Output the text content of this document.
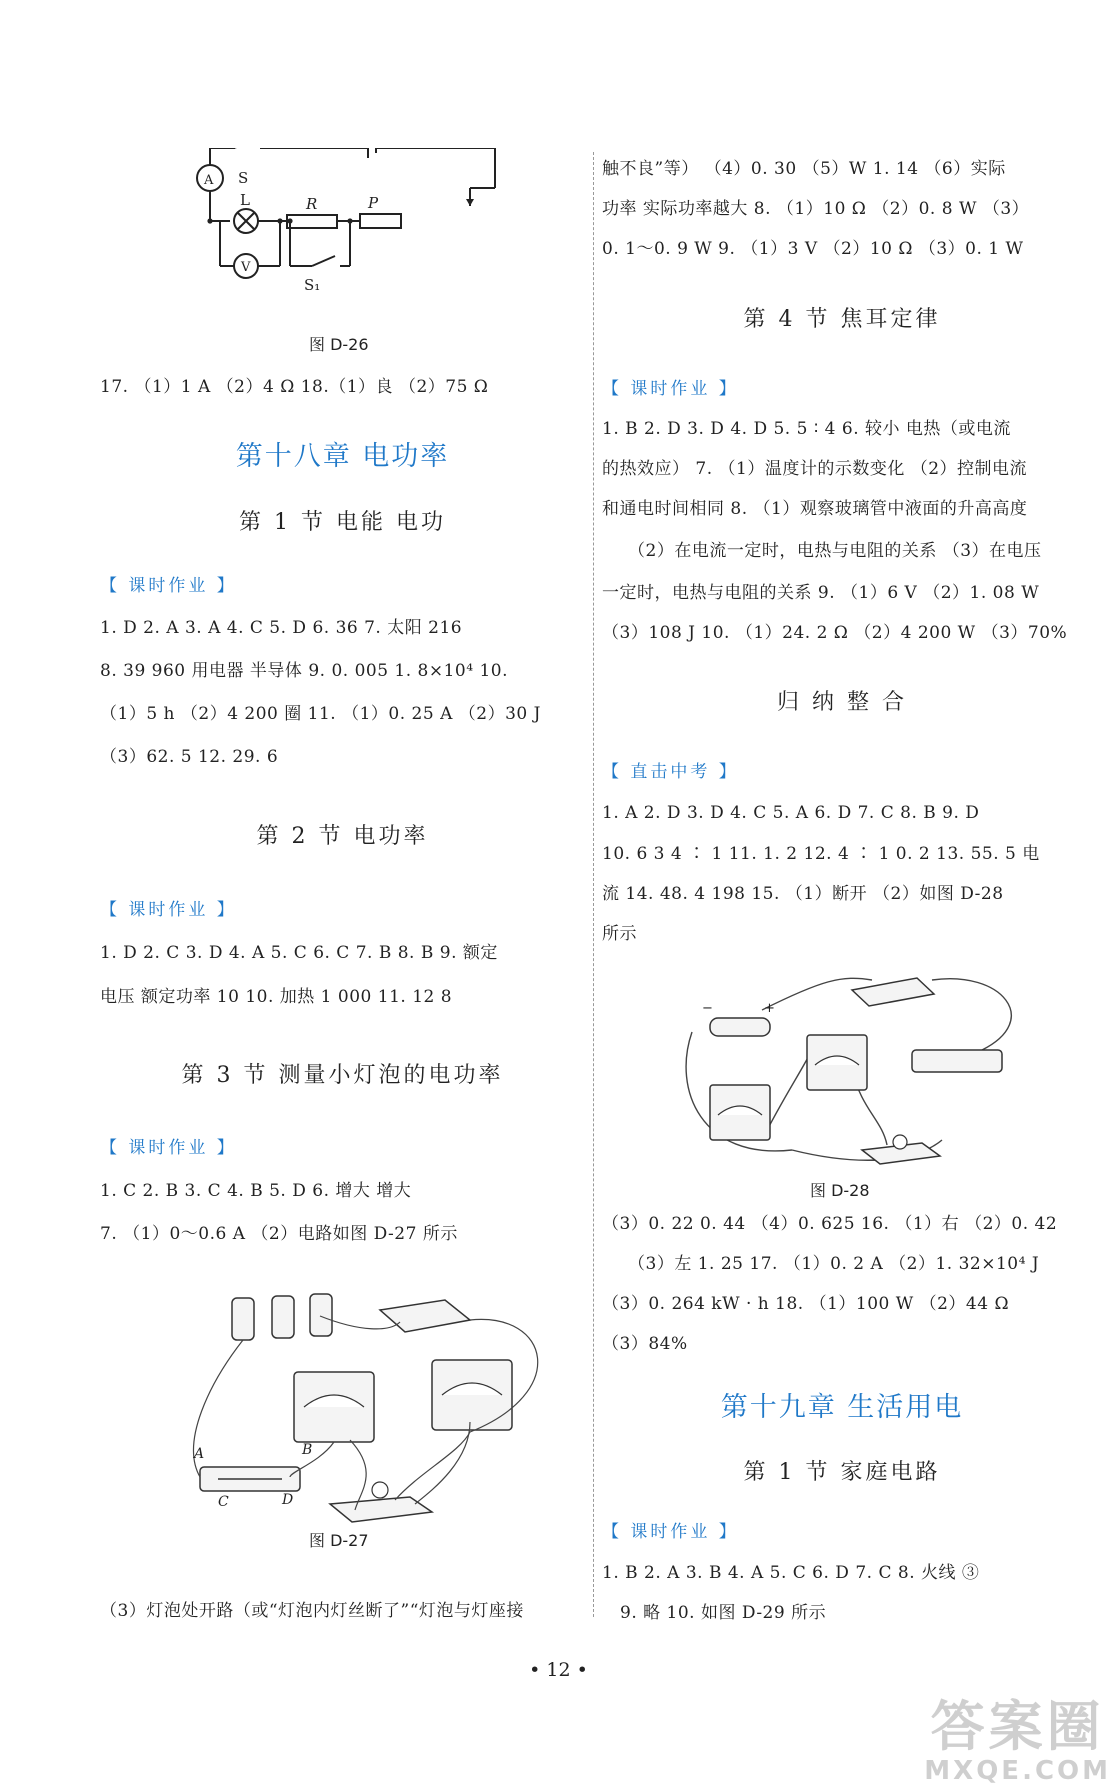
S
A
L	R	P
V
S₁
图 D-26
17. （1）1 A （2）4 Ω 18.（1）良 （2）75 Ω
第十八章 电功率
第 1 节 电能 电功
【 课时作业 】
1. D 2. A 3. A 4. C 5. D 6. 36 7. 太阳 216
8. 39 960 用电器 半导体 9. 0. 005 1. 8×10⁴ 10.
（1）5 h （2）4 200 圈 11. （1）0. 25 A （2）30 J
（3）62. 5 12. 29. 6
第 2 节 电功率
【 课时作业 】
1. D 2. C 3. D 4. A 5. C 6. C 7. B 8. B 9. 额定
电压 额定功率 10 10. 加热 1 000 11. 12 8
第 3 节 测量小灯泡的电功率
【 课时作业 】
1. C 2. B 3. C 4. B 5. D 6. 增大 增大
7. （1）0～0.6 A （2）电路如图 D-27 所示
A	B
C	D
图 D-27
（3）灯泡处开路（或“灯泡内灯丝断了”“灯泡与灯座接
触不良”等） （4）0. 30 （5）W 1. 14 （6）实际
功率 实际功率越大 8. （1）10 Ω （2）0. 8 W （3）
0. 1～0. 9 W 9. （1）3 V （2）10 Ω （3）0. 1 W
第 4 节 焦耳定律
【 课时作业 】
1. B 2. D 3. D 4. D 5. 5 ∶ 4 6. 较小 电热（或电流
的热效应） 7. （1）温度计的示数变化 （2）控制电流
和通电时间相同 8. （1）观察玻璃管中液面的升高高度
（2）在电流一定时，电热与电阻的关系 （3）在电压
一定时，电热与电阻的关系 9. （1）6 V （2）1. 08 W
（3）108 J 10. （1）24. 2 Ω （2）4 200 W （3）70%
归 纳 整 合
【 直击中考 】
1. A 2. D 3. D 4. C 5. A 6. D 7. C 8. B 9. D
10. 6 3 4 ∶ 1 11. 1. 2 12. 4 ∶ 1 0. 2 13. 55. 5 电
流 14. 48. 4 198 15. （1）断开 （2）如图 D-28
所示
−	+
图 D-28
（3）0. 22 0. 44 （4）0. 625 16. （1）右 （2）0. 42
（3）左 1. 25 17. （1）0. 2 A （2）1. 32×10⁴ J
（3）0. 264 kW · h 18. （1）100 W （2）44 Ω
（3）84%
第十九章 生活用电
第 1 节 家庭电路
【 课时作业 】
1. B 2. A 3. B 4. A 5. C 6. D 7. C 8. 火线 ③
9. 略 10. 如图 D-29 所示
• 12 •
答案圈
MXQE.COM
